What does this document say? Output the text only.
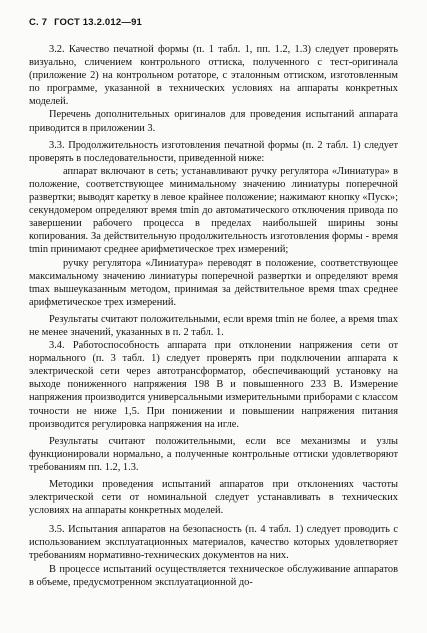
С. 7 ГОСТ 13.2.012—91

3.2. Качество печатной формы (п. 1 табл. 1, пп. 1.2, 1.3) следует проверять визуально, сличением контрольного оттиска, полученного с тест-оригинала (приложение 2) на контрольном ротаторе, с эталонным оттиском, изготовленным по программе, указанной в технических условиях на аппараты конкретных моделей.

Перечень дополнительных оригиналов для проведения испытаний аппарата приводится в приложении 3.

3.3. Продолжительность изготовления печатной формы (п. 2 табл. 1) следует проверять в последовательности, приведенной ниже:

аппарат включают в сеть; устанавливают ручку регулятора «Линиатура» в положение, соответствующее минимальному значению линиатуры поперечной развертки; выводят каретку в левое крайнее положение; нажимают кнопку «Пуск»; секундомером определяют время tmin до автоматического отключения привода по завершении рабочего процесса в пределах наибольшей ширины зоны копирования. За действительную продолжительность изготовления формы - время tmin принимают среднее арифметическое трех измерений;

ручку регулятора «Линиатура» переводят в положение, соответствующее максимальному значению линиатуры поперечной развертки и определяют время tmax вышеуказанным методом, принимая за действительное время tmax среднее арифметическое трех измерений.

Результаты считают положительными, если время tmin не более, а время tmax не менее значений, указанных в п. 2 табл. 1.

3.4. Работоспособность аппарата при отклонении напряжения сети от нормального (п. 3 табл. 1) следует проверять при подключении аппарата к электрической сети через автотрансформатор, обеспечивающий установку на выходе пониженного напряжения 198 В и повышенного 233 В. Измерение напряжения производится универсальными измерительными приборами с классом точности не ниже 1,5. При понижении и повышении напряжения питания производится регулировка напряжения на игле.

Результаты считают положительными, если все механизмы и узлы функционировали нормально, а полученные контрольные оттиски удовлетворяют требованиям пп. 1.2, 1.3.

Методики проведения испытаний аппаратов при отклонениях частоты электрической сети от номинальной следует устанавливать в технических условиях на аппараты конкретных моделей.

3.5. Испытания аппаратов на безопасность (п. 4 табл. 1) следует проводить с использованием эксплуатационных материалов, качество которых удовлетворяет требованиям нормативно-технических документов на них.

В процессе испытаний осуществляется техническое обслуживание аппаратов в объеме, предусмотренном эксплуатационной до-
